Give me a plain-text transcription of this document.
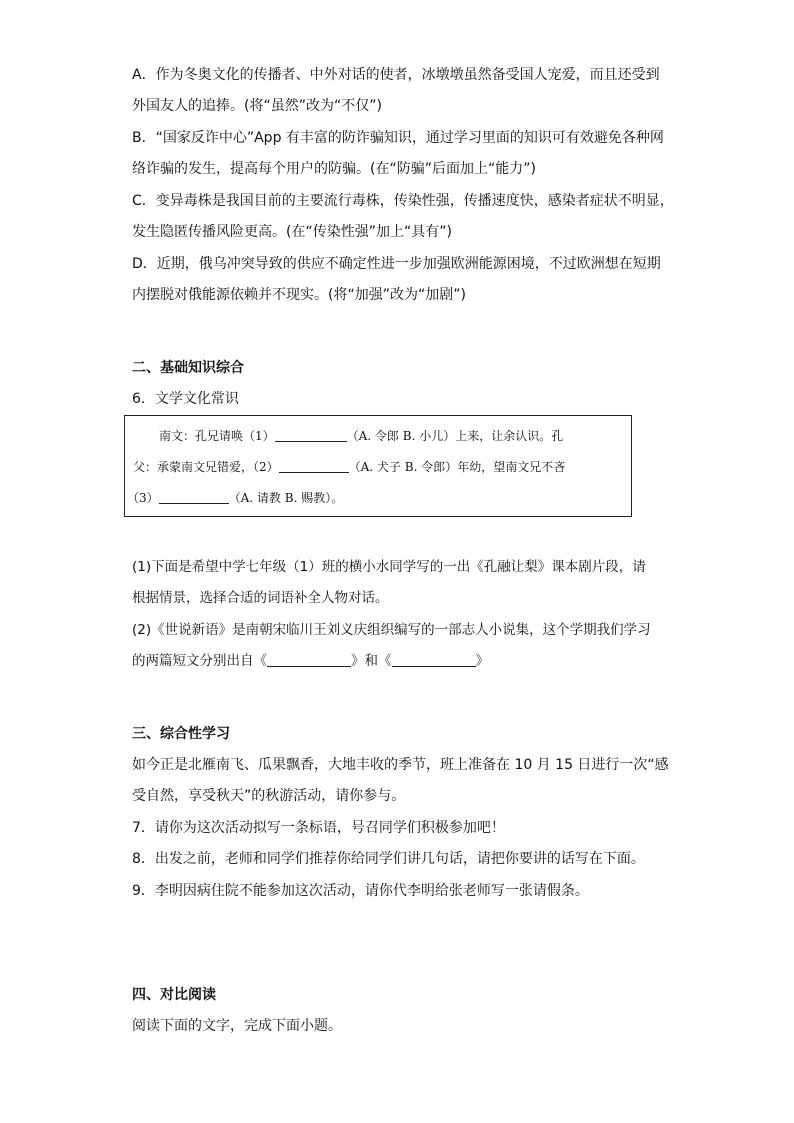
A．作为冬奥文化的传播者、中外对话的使者，冰墩墩虽然备受国人宠爱，而且还受到
外国友人的追捧。(将“虽然”改为“不仅”)
B．“国家反诈中心”App 有丰富的防诈骗知识，通过学习里面的知识可有效避免各种网
络诈骗的发生，提高每个用户的防骗。(在“防骗”后面加上“能力”)
C．变异毒株是我国目前的主要流行毒株，传染性强，传播速度快，感染者症状不明显，
发生隐匿传播风险更高。(在“传染性强”加上“具有”)
D．近期，俄乌冲突导致的供应不确定性进一步加强欧洲能源困境，不过欧洲想在短期
内摆脱对俄能源依赖并不现实。(将“加强”改为“加剧”)
二、基础知识综合
6．文学文化常识
南文：孔兄请唤（1）	（A. 令郎 B. 小儿）上来，让余认识。孔
父：承蒙南文兄错爱，（2）	（A. 犬子 B. 令郎）年幼，望南文兄不吝
（3）	（A. 请教 B. 赐教）。
(1)下面是希望中学七年级（1）班的横小水同学写的一出《孔融让梨》课本剧片段，请
根据情景，选择合适的词语补全人物对话。
(2)《世说新语》是南朝宋临川王刘义庆组织编写的一部志人小说集，这个学期我们学习
的两篇短文分别出自《	》和《	》
三、综合性学习
如今正是北雁南飞、瓜果飘香，大地丰收的季节，班上准备在 10 月 15 日进行一次“感
受自然，享受秋天”的秋游活动，请你参与。
7．请你为这次活动拟写一条标语，号召同学们积极参加吧！
8．出发之前，老师和同学们推荐你给同学们讲几句话，请把你要讲的话写在下面。
9．李明因病住院不能参加这次活动，请你代李明给张老师写一张请假条。
四、对比阅读
阅读下面的文字，完成下面小题。
